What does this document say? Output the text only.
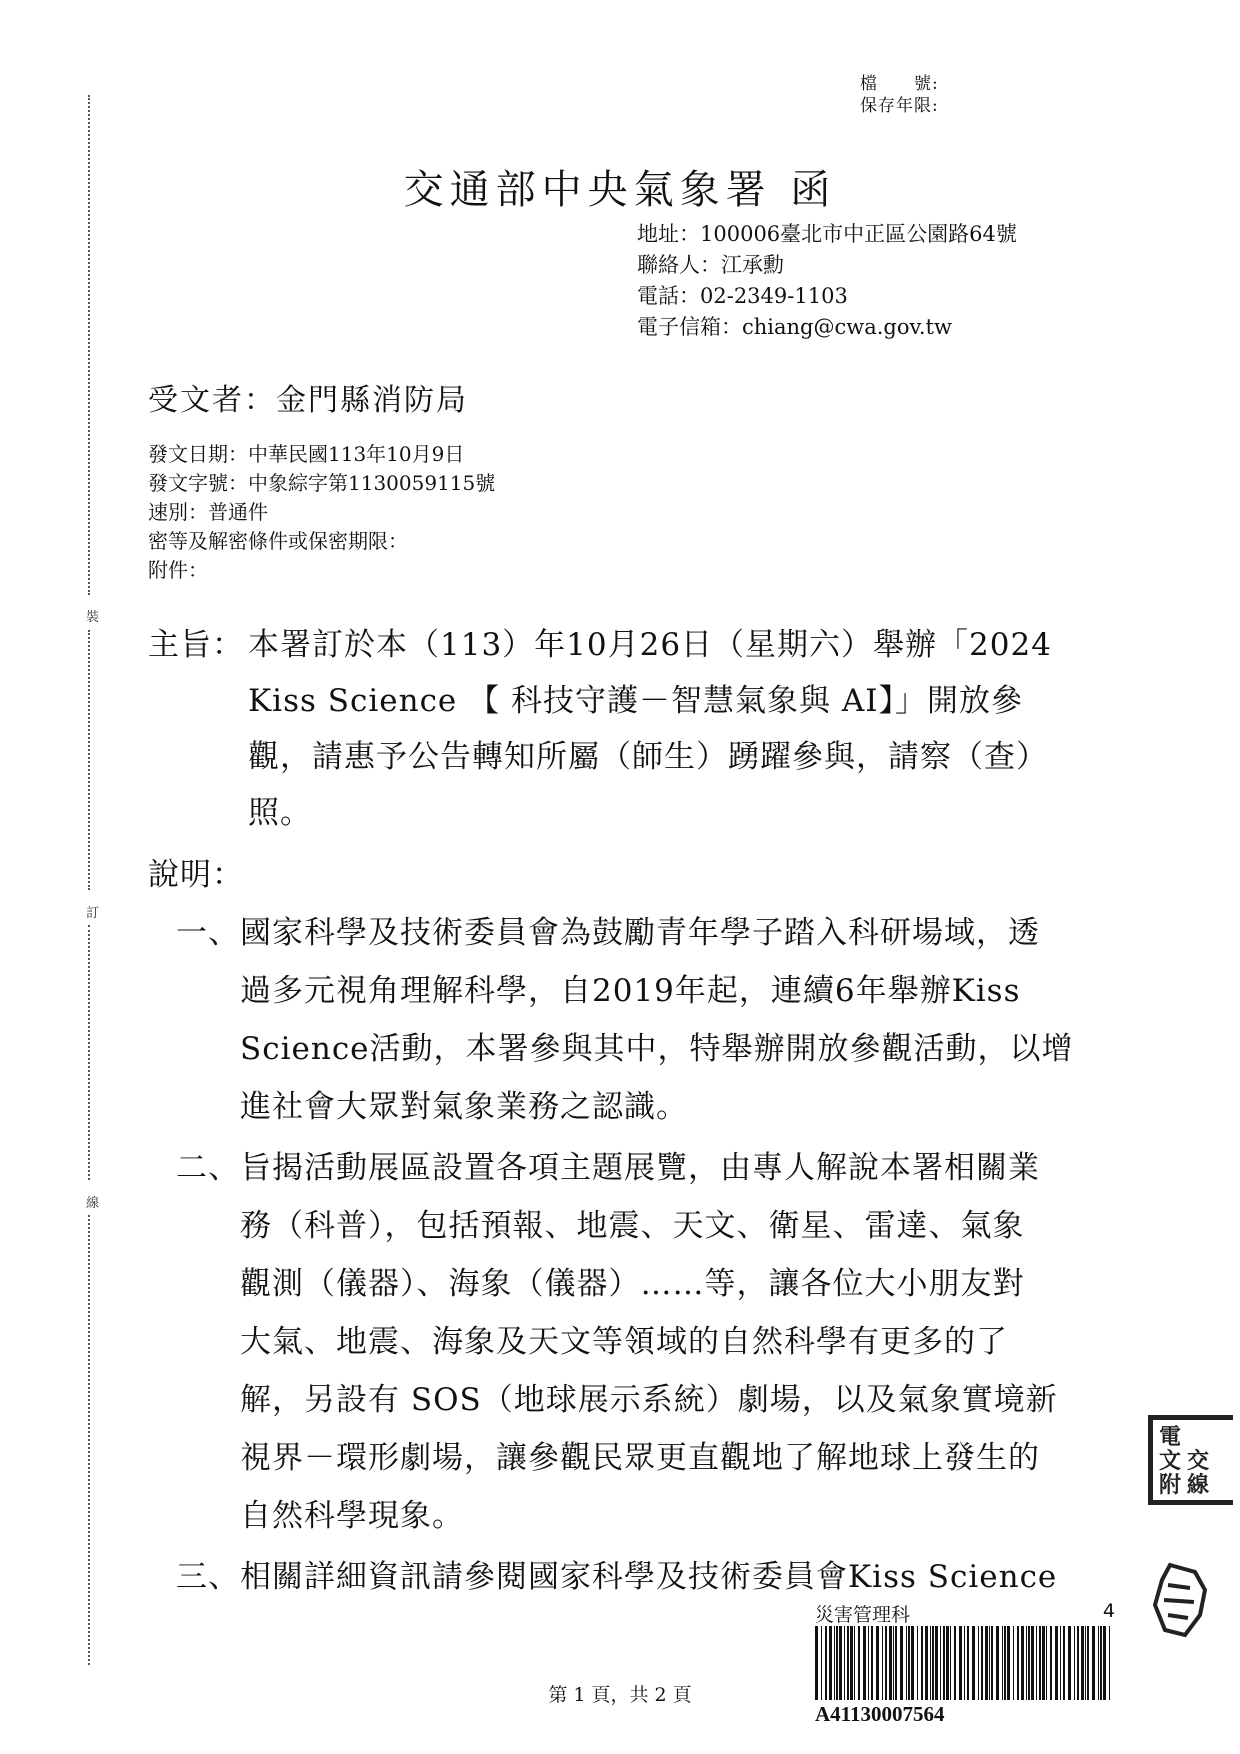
裝
訂
線
檔　　號:
保存年限:
交通部中央氣象署 函
地址：100006臺北市中正區公園路64號
聯絡人：江承勳
電話：02-2349-1103
電子信箱：chiang@cwa.gov.tw
受文者：金門縣消防局
發文日期：中華民國113年10月9日
發文字號：中象綜字第1130059115號
速別：普通件
密等及解密條件或保密期限：
附件：
主旨： 本署訂於本（113）年10月26日（星期六）舉辦「2024
Kiss Science 【 科技守護－智慧氣象與 AI】」開放參
觀，請惠予公告轉知所屬（師生）踴躍參與，請察（查）
照。
說明：
一、 國家科學及技術委員會為鼓勵青年學子踏入科研場域，透
過多元視角理解科學，自2019年起，連續6年舉辦Kiss
Science活動，本署參與其中，特舉辦開放參觀活動，以增
進社會大眾對氣象業務之認識。
二、 旨揭活動展區設置各項主題展覽，由專人解說本署相關業
務（科普），包括預報、地震、天文、衛星、雷達、氣象
觀測（儀器）、海象（儀器）……等，讓各位大小朋友對
大氣、地震、海象及天文等領域的自然科學有更多的了
解，另設有 SOS（地球展示系統）劇場，以及氣象實境新
視界－環形劇場，讓參觀民眾更直觀地了解地球上發生的
自然科學現象。
三、 相關詳細資訊請參閱國家科學及技術委員會Kiss Science
電
文
附
交
線
災害管理科	4
A41130007564
第 1 頁，共 2 頁
